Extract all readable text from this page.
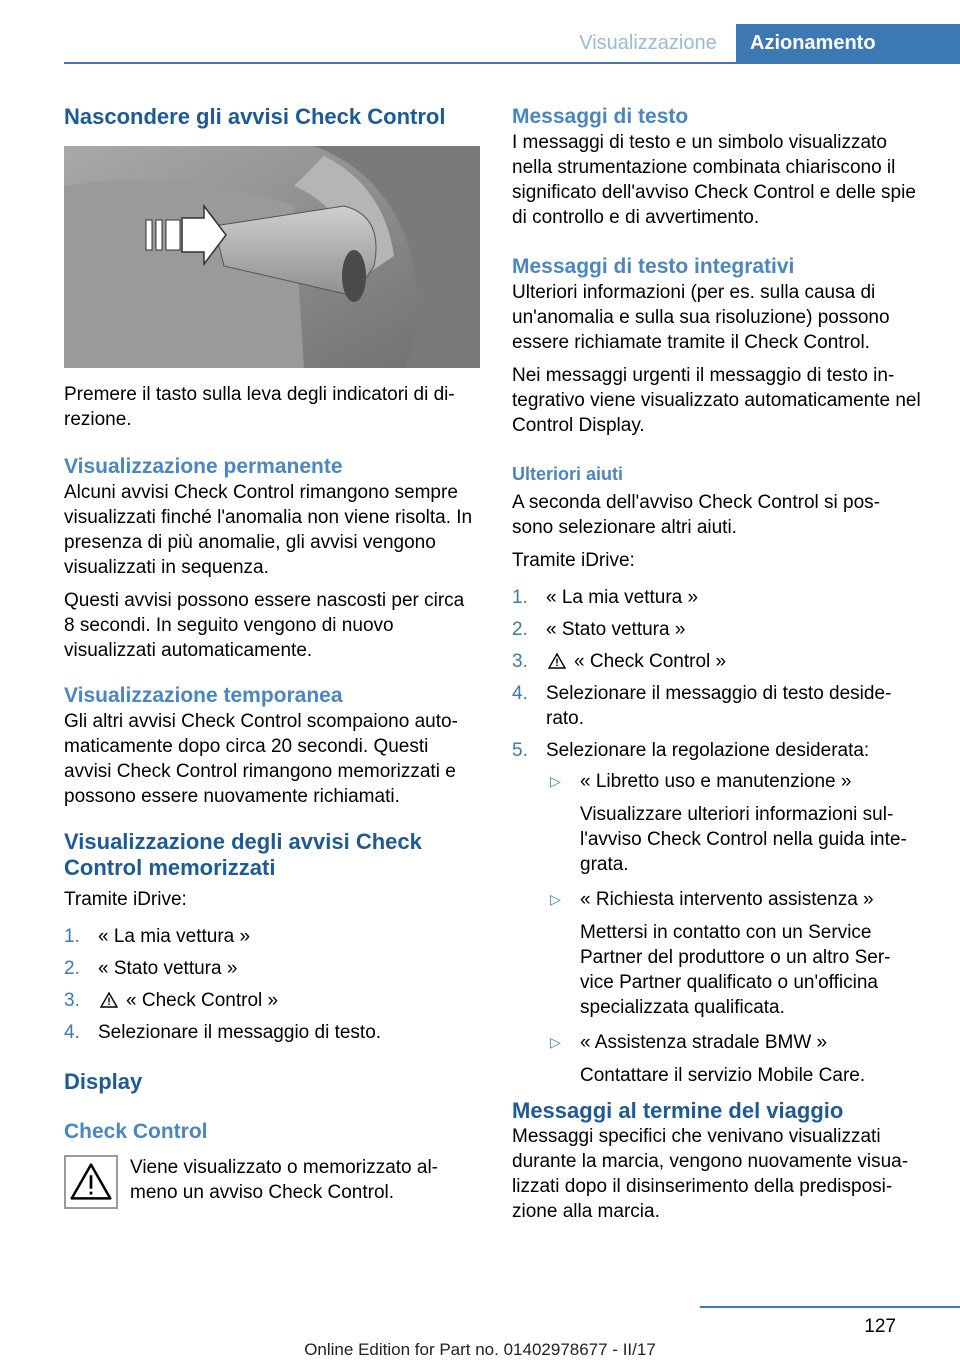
Visualizzazione	Azionamento
Nascondere gli avvisi Check Control

Premere il tasto sulla leva degli indicatori di di‐ rezione.

Visualizzazione permanente

Alcuni avvisi Check Control rimangono sempre visualizzati finché l'anomalia non viene risolta. In presenza di più anomalie, gli avvisi vengono visualizzati in sequenza.

Questi avvisi possono essere nascosti per circa 8 secondi. In seguito vengono di nuovo visualizzati automaticamente.

Visualizzazione temporanea

Gli altri avvisi Check Control scompaiono auto‐ maticamente dopo circa 20 secondi. Questi avvisi Check Control rimangono memorizzati e possono essere nuovamente richiamati.

Visualizzazione degli avvisi Check Control memorizzati

Tramite iDrive:

1. « La mia vettura »
2. « Stato vettura »
3. « Check Control »
4. Selezionare il messaggio di testo.
Display
Check Control
Viene visualizzato o memorizzato al‐ meno un avviso Check Control.
Messaggi di testo

I messaggi di testo e un simbolo visualizzato nella strumentazione combinata chiariscono il significato dell'avviso Check Control e delle spie di controllo e di avvertimento.

Messaggi di testo integrativi

Ulteriori informazioni (per es. sulla causa di un'anomalia e sulla sua risoluzione) possono essere richiamate tramite il Check Control.

Nei messaggi urgenti il messaggio di testo in‐ tegrativo viene visualizzato automaticamente nel Control Display.

Ulteriori aiuti

A seconda dell'avviso Check Control si pos‐ sono selezionare altri aiuti.

Tramite iDrive:

1. « La mia vettura »
2. « Stato vettura »
3. « Check Control »
4. Selezionare il messaggio di testo deside‐ rato.
5. Selezionare la regolazione desiderata:
▷ « Libretto uso e manutenzione »
Visualizzare ulteriori informazioni sul‐ l'avviso Check Control nella guida inte‐ grata.
▷ « Richiesta intervento assistenza »
Mettersi in contatto con un Service Partner del produttore o un altro Ser‐ vice Partner qualificato o un'officina specializzata qualificata.
▷ « Assistenza stradale BMW »
Contattare il servizio Mobile Care.
Messaggi al termine del viaggio

Messaggi specifici che venivano visualizzati durante la marcia, vengono nuovamente visua‐ lizzati dopo il disinserimento della predisposi‐ zione alla marcia.

127
Online Edition for Part no. 01402978677 - II/17
